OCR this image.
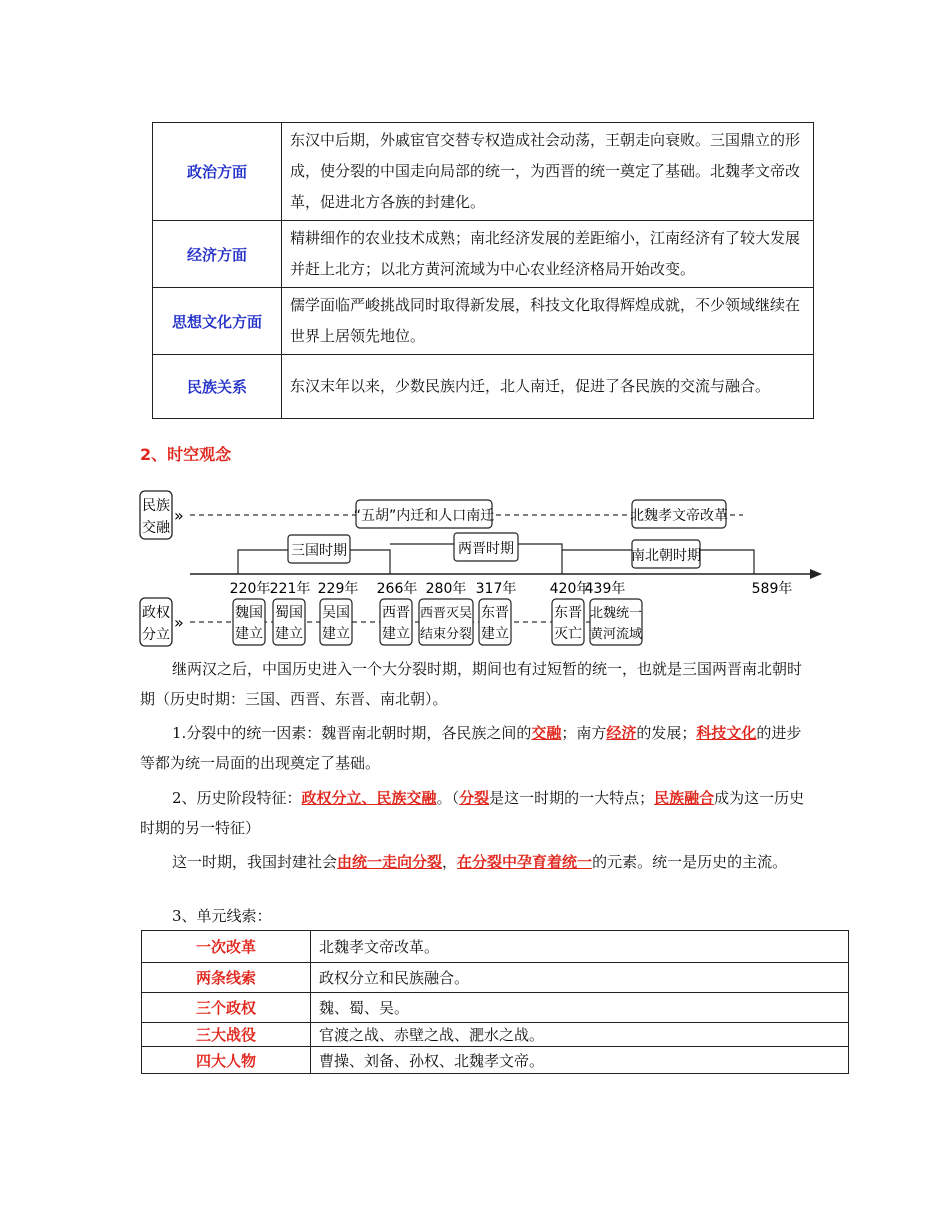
政治方面	东汉中后期，外戚宦官交替专权造成社会动荡，王朝走向衰败。三国鼎立的形成，使分裂的中国走向局部的统一，为西晋的统一奠定了基础。北魏孝文帝改革，促进北方各族的封建化。
经济方面	精耕细作的农业技术成熟；南北经济发展的差距缩小，江南经济有了较大发展并赶上北方；以北方黄河流域为中心农业经济格局开始改变。
思想文化方面	儒学面临严峻挑战同时取得新发展，科技文化取得辉煌成就，不少领域继续在世界上居领先地位。
民族关系	东汉末年以来，少数民族内迁，北人南迁，促进了各民族的交流与融合。
2、时空观念
民族
交融
»	“五胡”内迁和人口南迁	北魏孝文帝改革
三国时期	两晋时期	南北朝时期
220年 221年 229年 266年 280年 317年 420年
439年	589年
政权
分立
»	魏国
建立
蜀国
建立
吴国
建立
西晋
建立
西晋灭吴
结束分裂
东晋
建立
东晋
灭亡
北魏统一
黄河流域

继两汉之后，中国历史进入一个大分裂时期，期间也有过短暂的统一，也就是三国两晋南北朝时期（历史时期：三国、西晋、东晋、南北朝）。

1.分裂中的统一因素：魏晋南北朝时期，各民族之间的交融；南方经济的发展；科技文化的进步等都为统一局面的出现奠定了基础。

2、历史阶段特征：政权分立、民族交融。（分裂是这一时期的一大特点；民族融合成为这一历史时期的另一特征）

这一时期，我国封建社会由统一走向分裂，在分裂中孕育着统一的元素。统一是历史的主流。

3、单元线索：

一次改革	北魏孝文帝改革。
两条线索	政权分立和民族融合。
三个政权	魏、蜀、吴。
三大战役	官渡之战、赤壁之战、淝水之战。
四大人物	曹操、刘备、孙权、北魏孝文帝。
